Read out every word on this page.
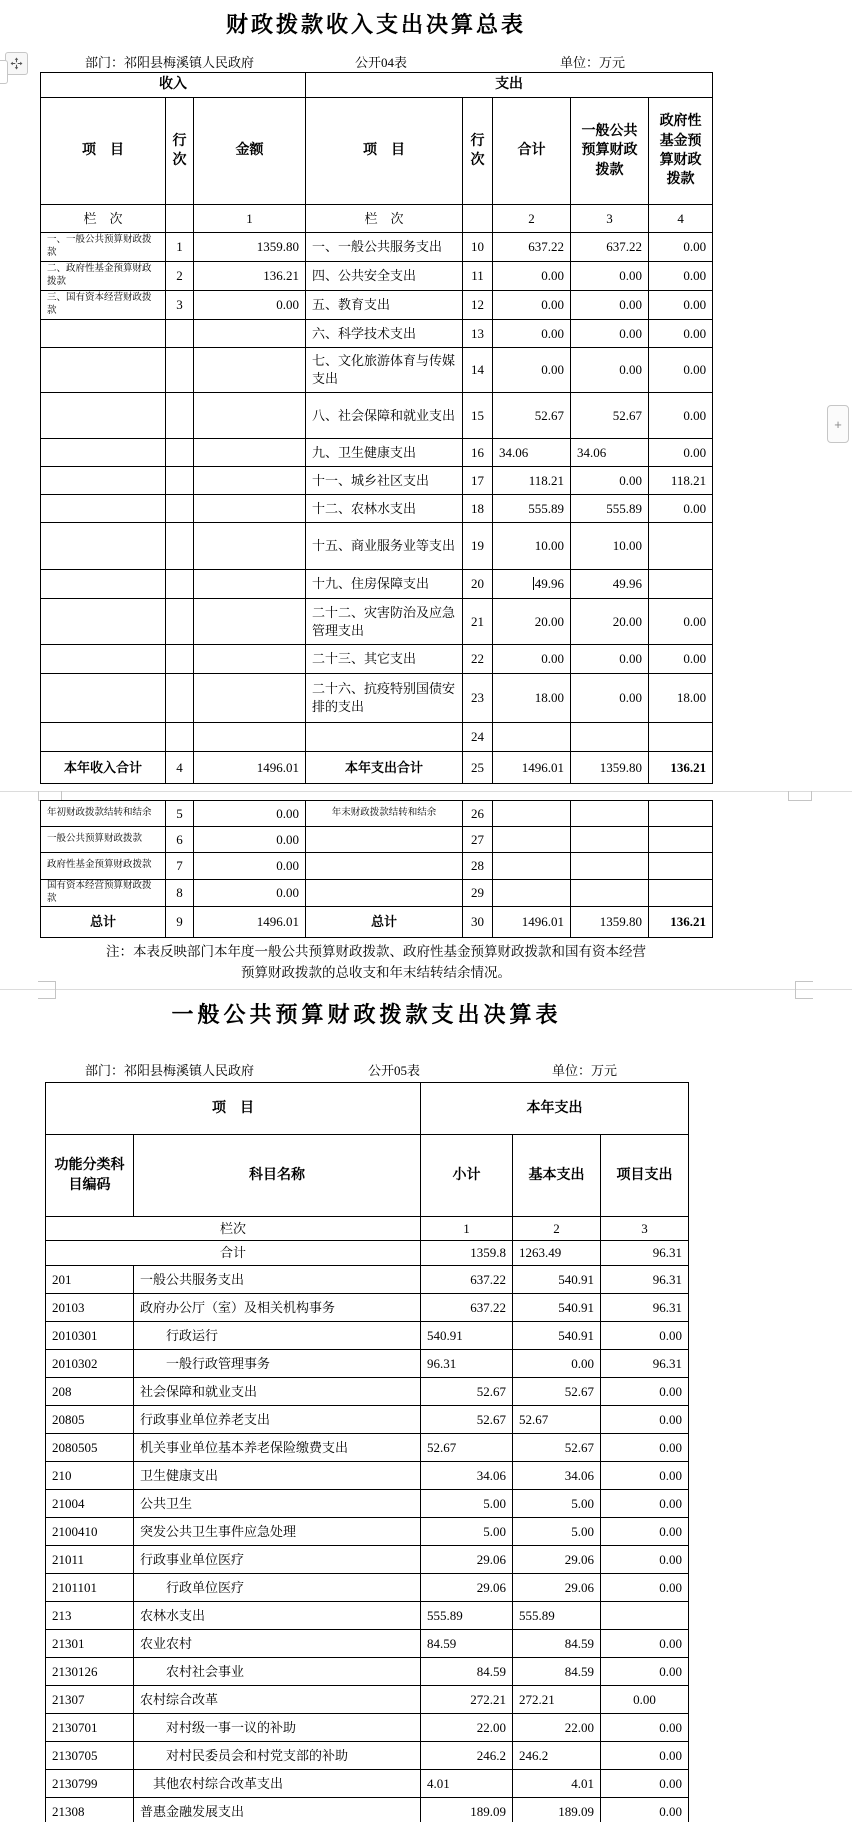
财政拨款收入支出决算总表
部门：祁阳县梅溪镇人民政府	公开04表	单位：万元
收入			支出				
项　目	行次	金额	项　目	行次	合计	一般公共预算财政拨款	政府性基金预算财政拨款
栏　次		1	栏　次		2	3	4
一、一般公共预算财政拨款	1	1359.80	一、一般公共服务支出	10	637.22	637.22	0.00
二、政府性基金预算财政拨款	2	136.21	四、公共安全支出	11	0.00	0.00	0.00
三、国有资本经营财政拨款	3	0.00	五、教育支出	12	0.00	0.00	0.00
			六、科学技术支出	13	0.00	0.00	0.00
			七、文化旅游体育与传媒支出	14	0.00	0.00	0.00
			八、社会保障和就业支出	15	52.67	52.67	0.00
			九、卫生健康支出	16	34.06	34.06	0.00
			十一、城乡社区支出	17	118.21	0.00	118.21
			十二、农林水支出	18	555.89	555.89	0.00
			十五、商业服务业等支出	19	10.00	10.00	
			十九、住房保障支出	20	49.96	49.96	
			二十二、灾害防治及应急管理支出	21	20.00	20.00	0.00
			二十三、其它支出	22	0.00	0.00	0.00
			二十六、抗疫特别国债安排的支出	23	18.00	0.00	18.00
				24			
本年收入合计	4	1496.01	本年支出合计	25	1496.01	1359.80	136.21
年初财政拨款结转和结余	5	0.00	年末财政拨款结转和结余	26			
一般公共预算财政拨款	6	0.00		27			
政府性基金预算财政拨款	7	0.00		28			
国有资本经营预算财政拨款	8	0.00		29			
总计	9	1496.01	总计	30	1496.01	1359.80	136.21
注：本表反映部门本年度一般公共预算财政拨款、政府性基金预算财政拨款和国有资本经营
预算财政拨款的总收支和年末结转结余情况。
+
一般公共预算财政拨款支出决算表
部门：祁阳县梅溪镇人民政府	公开05表	单位：万元
项　目		本年支出		
功能分类科目编码	科目名称	小计	基本支出	项目支出
栏次		1	2	3
合计		1359.8	1263.49	96.31
201	一般公共服务支出	637.22	540.91	96.31
20103	政府办公厅（室）及相关机构事务	637.22	540.91	96.31
2010301	行政运行	540.91	540.91	0.00
2010302	一般行政管理事务	96.31	0.00	96.31
208	社会保障和就业支出	52.67	52.67	0.00
20805	行政事业单位养老支出	52.67	52.67	0.00
2080505	机关事业单位基本养老保险缴费支出	52.67	52.67	0.00
210	卫生健康支出	34.06	34.06	0.00
21004	公共卫生	5.00	5.00	0.00
2100410	突发公共卫生事件应急处理	5.00	5.00	0.00
21011	行政事业单位医疗	29.06	29.06	0.00
2101101	行政单位医疗	29.06	29.06	0.00
213	农林水支出	555.89	555.89	
21301	农业农村	84.59	84.59	0.00
2130126	农村社会事业	84.59	84.59	0.00
21307	农村综合改革	272.21	272.21	0.00
2130701	对村级一事一议的补助	22.00	22.00	0.00
2130705	对村民委员会和村党支部的补助	246.2	246.2	0.00
2130799	其他农村综合改革支出	4.01	4.01	0.00
21308	普惠金融发展支出	189.09	189.09	0.00
